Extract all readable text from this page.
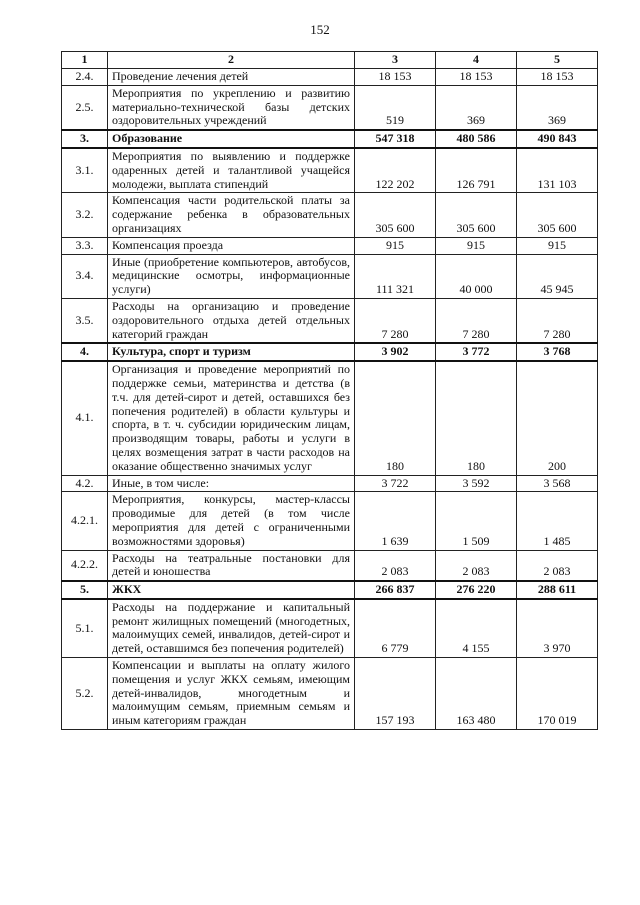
152
1	2	3	4	5
2.4.	Проведение лечения детей	18 153	18 153	18 153
2.5.	Мероприятия по укреплению и развитию материально-технической базы детских оздоровительных учреждений	519	369	369
3.	Образование	547 318	480 586	490 843
3.1.	Мероприятия по выявлению и поддержке одаренных детей и талантливой учащейся молодежи, выплата стипендий	122 202	126 791	131 103
3.2.	Компенсация части родительской платы за содержание ребенка в образовательных организациях	305 600	305 600	305 600
3.3.	Компенсация проезда	915	915	915
3.4.	Иные (приобретение компьютеров, автобусов, медицинские осмотры, информационные услуги)	111 321	40 000	45 945
3.5.	Расходы на организацию и проведение оздоровительного отдыха детей отдельных категорий граждан	7 280	7 280	7 280
4.	Культура, спорт и туризм	3 902	3 772	3 768
4.1.	Организация и проведение мероприятий по поддержке семьи, материнства и детства (в т.ч. для детей-сирот и детей, оставшихся без попечения родителей) в области культуры и спорта, в т. ч. субсидии юридическим лицам, производящим товары, работы и услуги в целях возмещения затрат в части расходов на оказание общественно значимых услуг	180	180	200
4.2.	Иные, в том числе:	3 722	3 592	3 568
4.2.1.	Мероприятия, конкурсы, мастер-классы проводимые для детей (в том числе мероприятия для детей с ограниченными возможностями здоровья)	1 639	1 509	1 485
4.2.2.	Расходы на театральные постановки для детей и юношества	2 083	2 083	2 083
5.	ЖКХ	266 837	276 220	288 611
5.1.	Расходы на поддержание и капитальный ремонт жилищных помещений (многодетных, малоимущих семей, инвалидов, детей-сирот и детей, оставшимся без попечения родителей)	6 779	4 155	3 970
5.2.	Компенсации и выплаты на оплату жилого помещения и услуг ЖКХ семьям, имеющим детей-инвалидов, многодетным и малоимущим семьям, приемным семьям и иным категориям граждан	157 193	163 480	170 019
